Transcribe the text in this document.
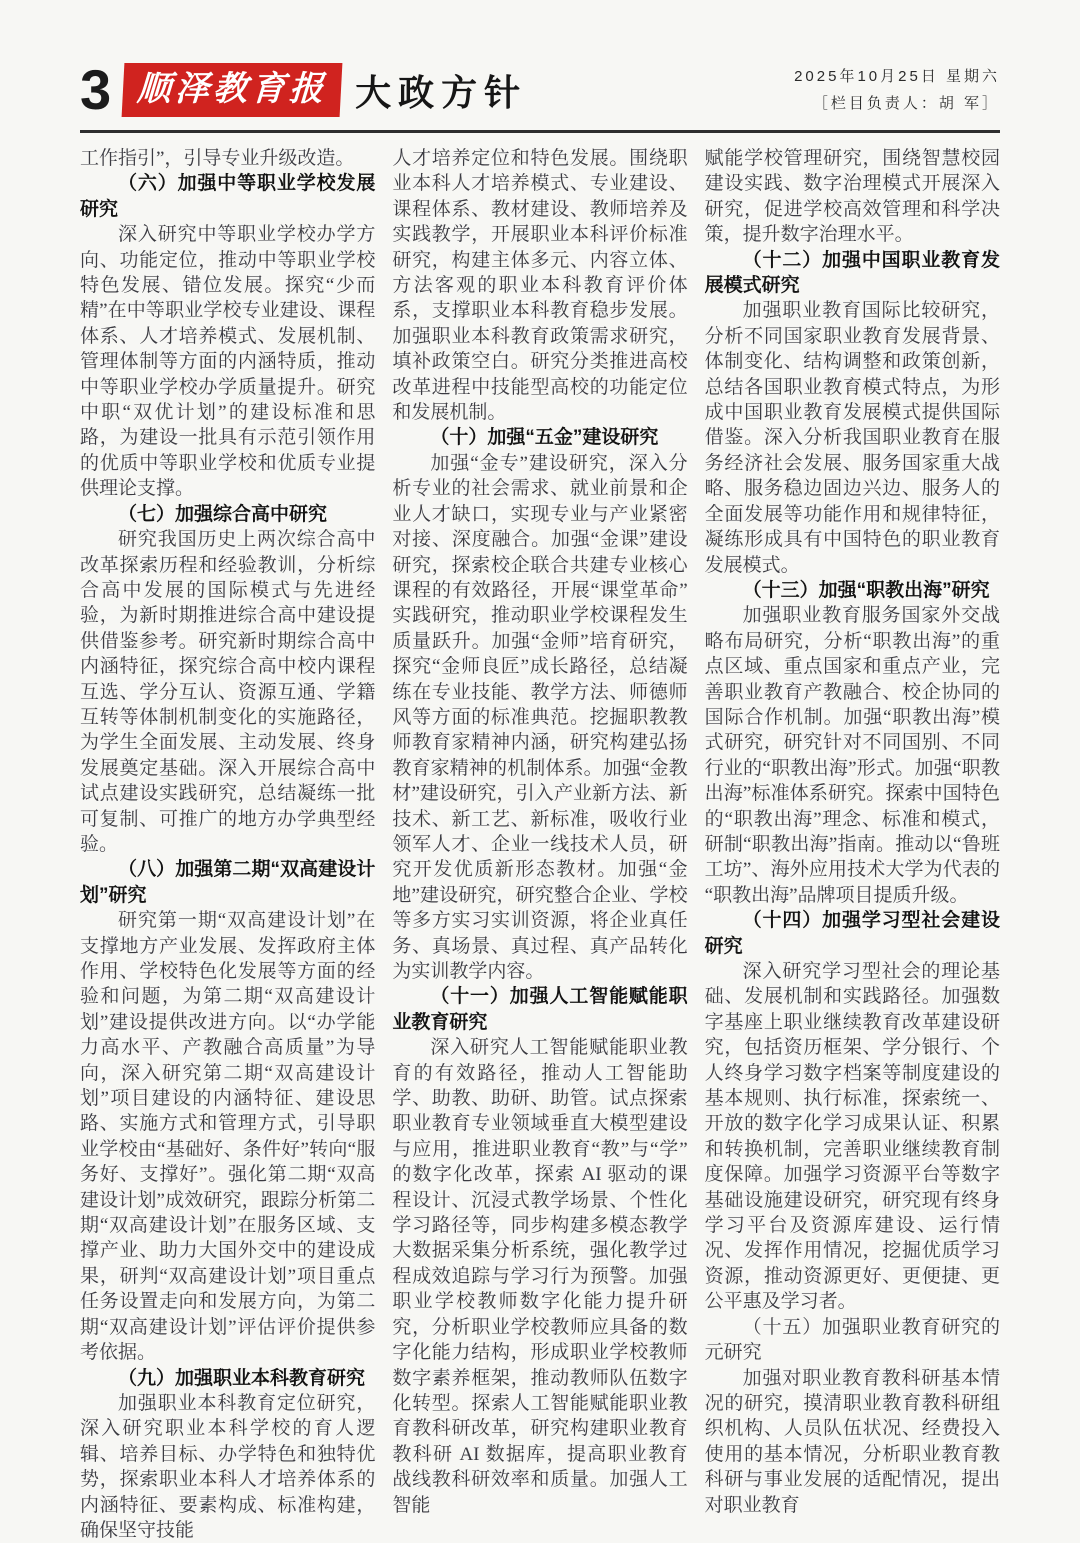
3 顺泽教育报 大政方针	2025年10月25日 星期六
［栏目负责人：胡 军］

工作指引”，引导专业升级改造。

（六）加强中等职业学校发展研究

深入研究中等职业学校办学方向、功能定位，推动中等职业学校特色发展、错位发展。探究“少而精”在中等职业学校专业建设、课程体系、人才培养模式、发展机制、管理体制等方面的内涵特质，推动中等职业学校办学质量提升。研究中职“双优计划”的建设标准和思路，为建设一批具有示范引领作用的优质中等职业学校和优质专业提供理论支撑。

（七）加强综合高中研究

研究我国历史上两次综合高中改革探索历程和经验教训，分析综合高中发展的国际模式与先进经验，为新时期推进综合高中建设提供借鉴参考。研究新时期综合高中内涵特征，探究综合高中校内课程互选、学分互认、资源互通、学籍互转等体制机制变化的实施路径，为学生全面发展、主动发展、终身发展奠定基础。深入开展综合高中试点建设实践研究，总结凝练一批可复制、可推广的地方办学典型经验。

（八）加强第二期“双高建设计划”研究

研究第一期“双高建设计划”在支撑地方产业发展、发挥政府主体作用、学校特色化发展等方面的经验和问题，为第二期“双高建设计划”建设提供改进方向。以“办学能力高水平、产教融合高质量”为导向，深入研究第二期“双高建设计划”项目建设的内涵特征、建设思路、实施方式和管理方式，引导职业学校由“基础好、条件好”转向“服务好、支撑好”。强化第二期“双高建设计划”成效研究，跟踪分析第二期“双高建设计划”在服务区域、支撑产业、助力大国外交中的建设成果，研判“双高建设计划”项目重点任务设置走向和发展方向，为第二期“双高建设计划”评估评价提供参考依据。

（九）加强职业本科教育研究

加强职业本科教育定位研究，深入研究职业本科学校的育人逻辑、培养目标、办学特色和独特优势，探索职业本科人才培养体系的内涵特征、要素构成、标准构建，确保坚守技能

人才培养定位和特色发展。围绕职业本科人才培养模式、专业建设、课程体系、教材建设、教师培养及实践教学，开展职业本科评价标准研究，构建主体多元、内容立体、方法客观的职业本科教育评价体系，支撑职业本科教育稳步发展。加强职业本科教育政策需求研究，填补政策空白。研究分类推进高校改革进程中技能型高校的功能定位和发展机制。

（十）加强“五金”建设研究

加强“金专”建设研究，深入分析专业的社会需求、就业前景和企业人才缺口，实现专业与产业紧密对接、深度融合。加强“金课”建设研究，探索校企联合共建专业核心课程的有效路径，开展“课堂革命”实践研究，推动职业学校课程发生质量跃升。加强“金师”培育研究，探究“金师良匠”成长路径，总结凝练在专业技能、教学方法、师德师风等方面的标准典范。挖掘职教教师教育家精神内涵，研究构建弘扬教育家精神的机制体系。加强“金教材”建设研究，引入产业新方法、新技术、新工艺、新标准，吸收行业领军人才、企业一线技术人员，研究开发优质新形态教材。加强“金地”建设研究，研究整合企业、学校等多方实习实训资源，将企业真任务、真场景、真过程、真产品转化为实训教学内容。

（十一）加强人工智能赋能职业教育研究

深入研究人工智能赋能职业教育的有效路径，推动人工智能助学、助教、助研、助管。试点探索职业教育专业领域垂直大模型建设与应用，推进职业教育“教”与“学”的数字化改革，探索 AI 驱动的课程设计、沉浸式教学场景、个性化学习路径等，同步构建多模态教学大数据采集分析系统，强化教学过程成效追踪与学习行为预警。加强职业学校教师数字化能力提升研究，分析职业学校教师应具备的数字化能力结构，形成职业学校教师数字素养框架，推动教师队伍数字化转型。探索人工智能赋能职业教育教科研改革，研究构建职业教育教科研 AI 数据库，提高职业教育战线教科研效率和质量。加强人工智能

赋能学校管理研究，围绕智慧校园建设实践、数字治理模式开展深入研究，促进学校高效管理和科学决策，提升数字治理水平。

（十二）加强中国职业教育发展模式研究

加强职业教育国际比较研究，分析不同国家职业教育发展背景、体制变化、结构调整和政策创新，总结各国职业教育模式特点，为形成中国职业教育发展模式提供国际借鉴。深入分析我国职业教育在服务经济社会发展、服务国家重大战略、服务稳边固边兴边、服务人的全面发展等功能作用和规律特征，凝练形成具有中国特色的职业教育发展模式。

（十三）加强“职教出海”研究

加强职业教育服务国家外交战略布局研究，分析“职教出海”的重点区域、重点国家和重点产业，完善职业教育产教融合、校企协同的国际合作机制。加强“职教出海”模式研究，研究针对不同国别、不同行业的“职教出海”形式。加强“职教出海”标准体系研究。探索中国特色的“职教出海”理念、标准和模式，研制“职教出海”指南。推动以“鲁班工坊”、海外应用技术大学为代表的“职教出海”品牌项目提质升级。

（十四）加强学习型社会建设研究

深入研究学习型社会的理论基础、发展机制和实践路径。加强数字基座上职业继续教育改革建设研究，包括资历框架、学分银行、个人终身学习数字档案等制度建设的基本规则、执行标准，探索统一、开放的数字化学习成果认证、积累和转换机制，完善职业继续教育制度保障。加强学习资源平台等数字基础设施建设研究，研究现有终身学习平台及资源库建设、运行情况、发挥作用情况，挖掘优质学习资源，推动资源更好、更便捷、更公平惠及学习者。

（十五）加强职业教育研究的元研究

加强对职业教育教科研基本情况的研究，摸清职业教育教科研组织机构、人员队伍状况、经费投入使用的基本情况，分析职业教育教科研与事业发展的适配情况，提出对职业教育
